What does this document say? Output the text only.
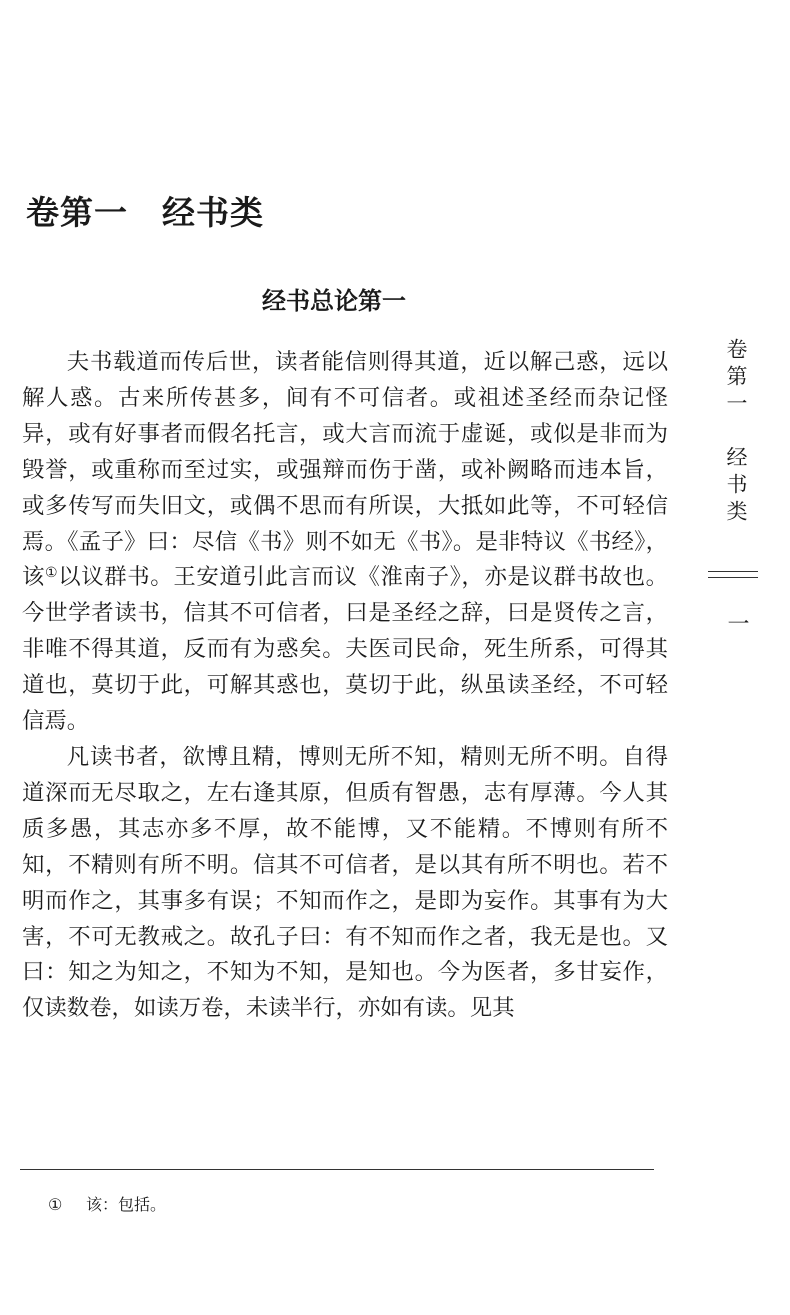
卷第一　经书类
经书总论第一

夫书载道而传后世，读者能信则得其道，近以解己惑，远以解人惑。古来所传甚多，间有不可信者。或祖述圣经而杂记怪异，或有好事者而假名托言，或大言而流于虚诞，或似是非而为毁誉，或重称而至过实，或强辩而伤于凿，或补阙略而违本旨，或多传写而失旧文，或偶不思而有所误，大抵如此等，不可轻信焉。《孟子》曰：尽信《书》则不如无《书》。是非特议《书经》，该①以议群书。王安道引此言而议《淮南子》，亦是议群书故也。今世学者读书，信其不可信者，曰是圣经之辞，曰是贤传之言，非唯不得其道，反而有为惑矣。夫医司民命，死生所系，可得其道也，莫切于此，可解其惑也，莫切于此，纵虽读圣经，不可轻信焉。

凡读书者，欲博且精，博则无所不知，精则无所不明。自得道深而无尽取之，左右逢其原，但质有智愚，志有厚薄。今人其质多愚，其志亦多不厚，故不能博，又不能精。不博则有所不知，不精则有所不明。信其不可信者，是以其有所不明也。若不明而作之，其事多有误；不知而作之，是即为妄作。其事有为大害，不可无教戒之。故孔子曰：有不知而作之者，我无是也。又曰：知之为知之，不知为不知，是知也。今为医者，多甘妄作，仅读数卷，如读万卷，未读半行，亦如有读。见其

① 该：包括。
卷第一　经书类
一
